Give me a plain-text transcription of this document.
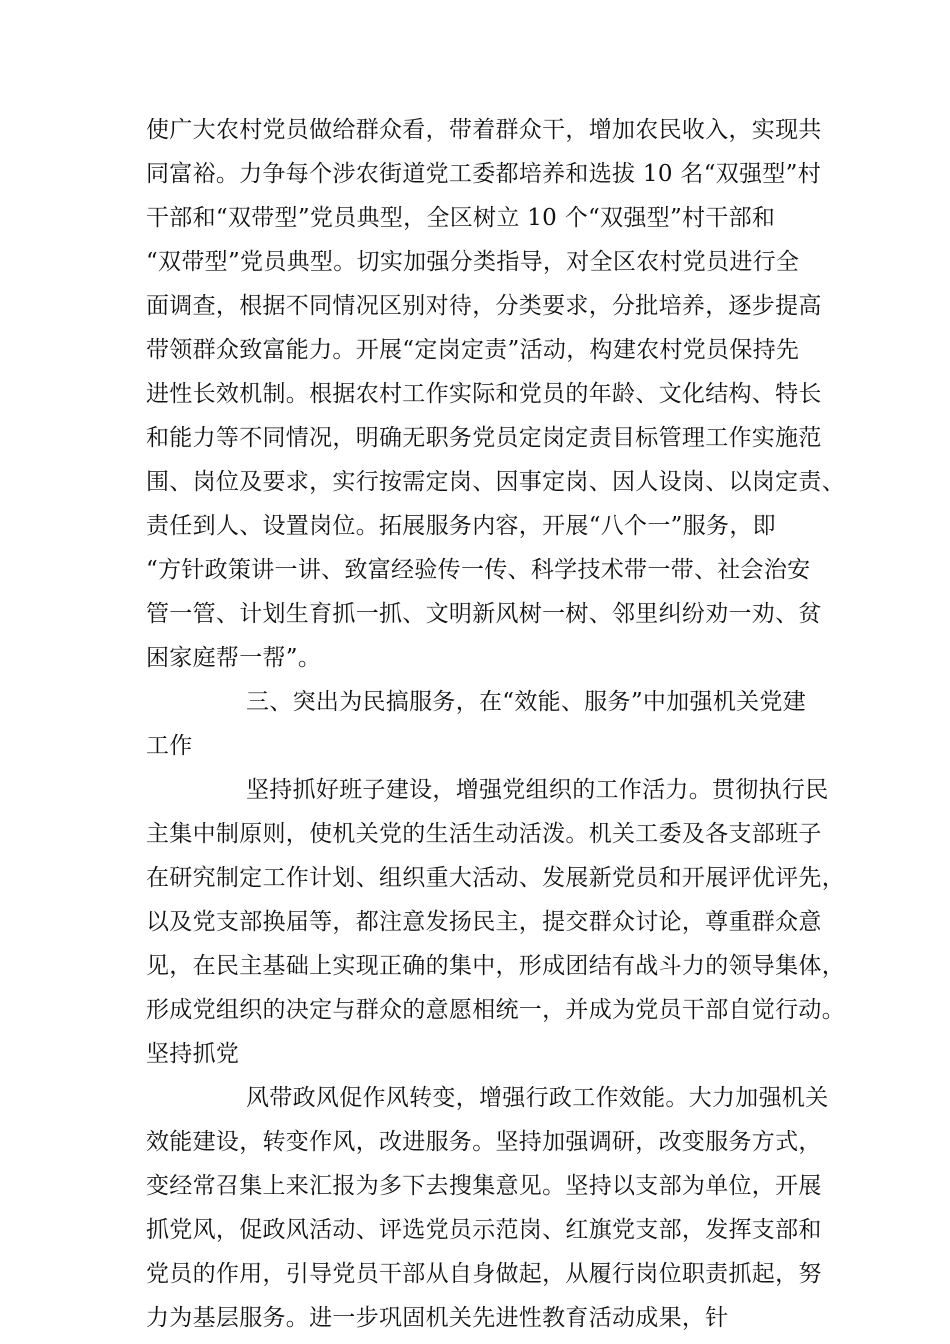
使广大农村党员做给群众看，带着群众干，增加农民收入，实现共
同富裕。力争每个涉农街道党工委都培养和选拔 10 名“双强型”村
干部和“双带型”党员典型，全区树立 10 个“双强型”村干部和
“双带型”党员典型。切实加强分类指导，对全区农村党员进行全
面调查，根据不同情况区别对待，分类要求，分批培养，逐步提高
带领群众致富能力。开展“定岗定责”活动，构建农村党员保持先
进性长效机制。根据农村工作实际和党员的年龄、文化结构、特长
和能力等不同情况，明确无职务党员定岗定责目标管理工作实施范
围、岗位及要求，实行按需定岗、因事定岗、因人设岗、以岗定责、
责任到人、设置岗位。拓展服务内容，开展“八个一”服务，即
“方针政策讲一讲、致富经验传一传、科学技术带一带、社会治安
管一管、计划生育抓一抓、文明新风树一树、邻里纠纷劝一劝、贫
困家庭帮一帮”。
三、突出为民搞服务，在“效能、服务”中加强机关党建
工作
坚持抓好班子建设，增强党组织的工作活力。贯彻执行民
主集中制原则，使机关党的生活生动活泼。机关工委及各支部班子
在研究制定工作计划、组织重大活动、发展新党员和开展评优评先，
以及党支部换届等，都注意发扬民主，提交群众讨论，尊重群众意
见，在民主基础上实现正确的集中，形成团结有战斗力的领导集体，
形成党组织的决定与群众的意愿相统一，并成为党员干部自觉行动。
坚持抓党
风带政风促作风转变，增强行政工作效能。大力加强机关
效能建设，转变作风，改进服务。坚持加强调研，改变服务方式，
变经常召集上来汇报为多下去搜集意见。坚持以支部为单位，开展
抓党风，促政风活动、评选党员示范岗、红旗党支部，发挥支部和
党员的作用，引导党员干部从自身做起，从履行岗位职责抓起，努
力为基层服务。进一步巩固机关先进性教育活动成果，针
